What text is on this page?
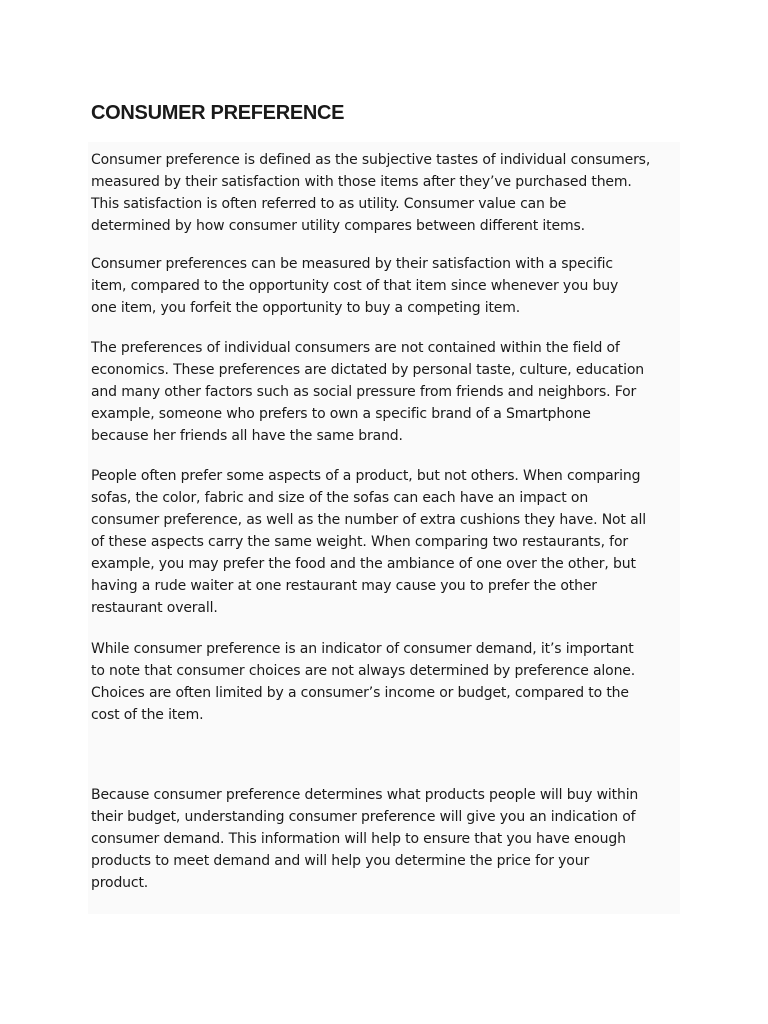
CONSUMER PREFERENCE

Consumer preference is defined as the subjective tastes of individual consumers,
measured by their satisfaction with those items after they’ve purchased them.
This satisfaction is often referred to as utility. Consumer value can be
determined by how consumer utility compares between different items.

Consumer preferences can be measured by their satisfaction with a specific
item, compared to the opportunity cost of that item since whenever you buy
one item, you forfeit the opportunity to buy a competing item.

The preferences of individual consumers are not contained within the field of
economics. These preferences are dictated by personal taste, culture, education
and many other factors such as social pressure from friends and neighbors. For
example, someone who prefers to own a specific brand of a Smartphone
because her friends all have the same brand.

People often prefer some aspects of a product, but not others. When comparing
sofas, the color, fabric and size of the sofas can each have an impact on
consumer preference, as well as the number of extra cushions they have. Not all
of these aspects carry the same weight. When comparing two restaurants, for
example, you may prefer the food and the ambiance of one over the other, but
having a rude waiter at one restaurant may cause you to prefer the other
restaurant overall.

While consumer preference is an indicator of consumer demand, it’s important
to note that consumer choices are not always determined by preference alone.
Choices are often limited by a consumer’s income or budget, compared to the
cost of the item.

Because consumer preference determines what products people will buy within
their budget, understanding consumer preference will give you an indication of
consumer demand. This information will help to ensure that you have enough
products to meet demand and will help you determine the price for your
product.
